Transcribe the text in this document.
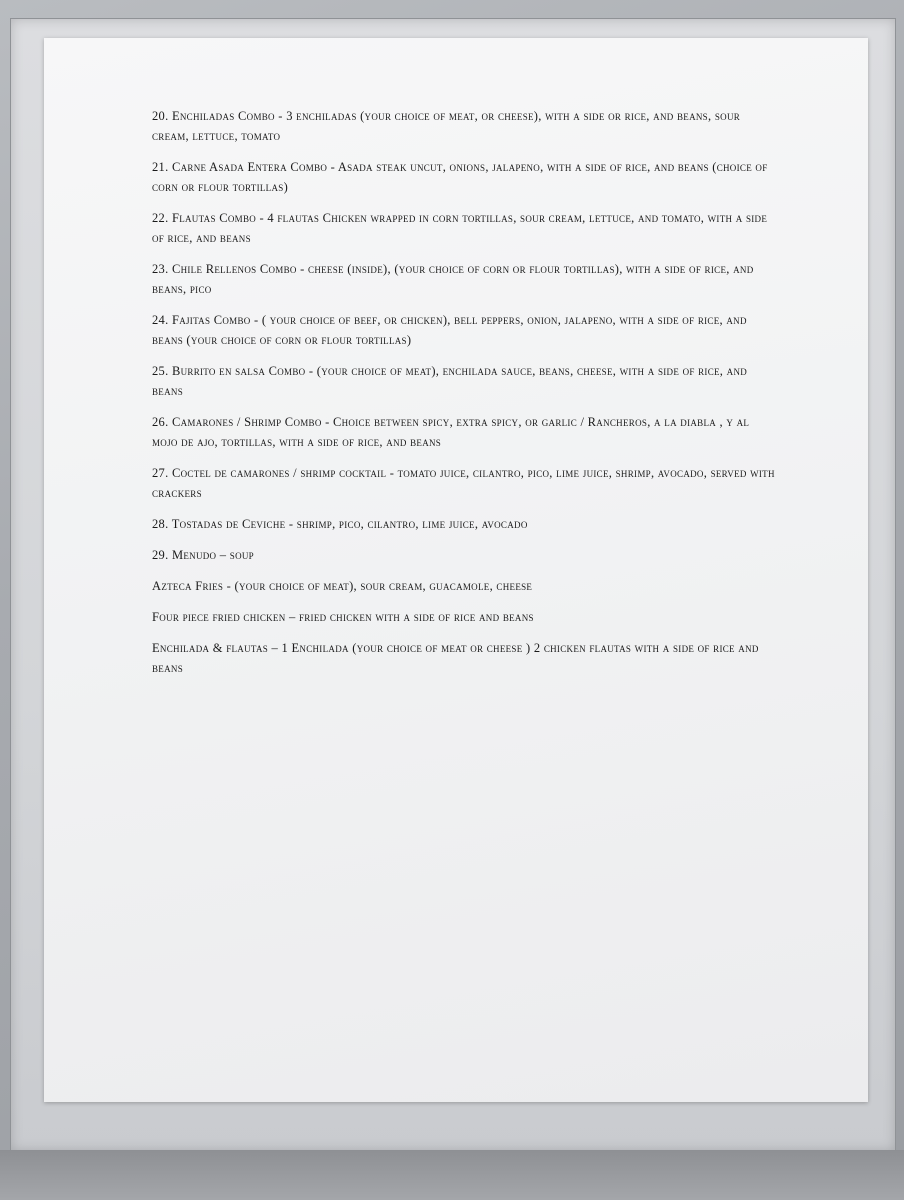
20. Enchiladas Combo - 3 enchiladas (your choice of meat, or cheese), with a side or rice, and beans, sour cream, lettuce, tomato
21. Carne Asada Entera Combo - Asada steak uncut, onions, jalapeno, with a side of rice, and beans (choice of corn or flour tortillas)
22. Flautas Combo - 4 flautas Chicken wrapped in corn tortillas, sour cream, lettuce, and tomato, with a side of rice, and beans
23. Chile Rellenos Combo - cheese (inside), (your choice of corn or flour tortillas), with a side of rice, and beans, pico
24. Fajitas Combo - ( your choice of beef, or chicken), bell peppers, onion, jalapeno, with a side of rice, and beans (your choice of corn or flour tortillas)
25. Burrito en salsa Combo - (your choice of meat), enchilada sauce, beans, cheese, with a side of rice, and beans
26. Camarones / Shrimp Combo - Choice between spicy, extra spicy, or garlic / Rancheros, a la diabla , y al mojo de ajo, tortillas, with a side of rice, and beans
27. Coctel de camarones / shrimp cocktail - tomato juice, cilantro, pico, lime juice, shrimp, avocado, served with crackers
28. Tostadas de Ceviche - shrimp, pico, cilantro, lime juice, avocado
29. Menudo – soup
Azteca Fries - (your choice of meat), sour cream, guacamole, cheese
Four piece fried chicken – fried chicken with a side of rice and beans
Enchilada & flautas – 1 Enchilada (your choice of meat or cheese ) 2 chicken flautas with a side of rice and beans
